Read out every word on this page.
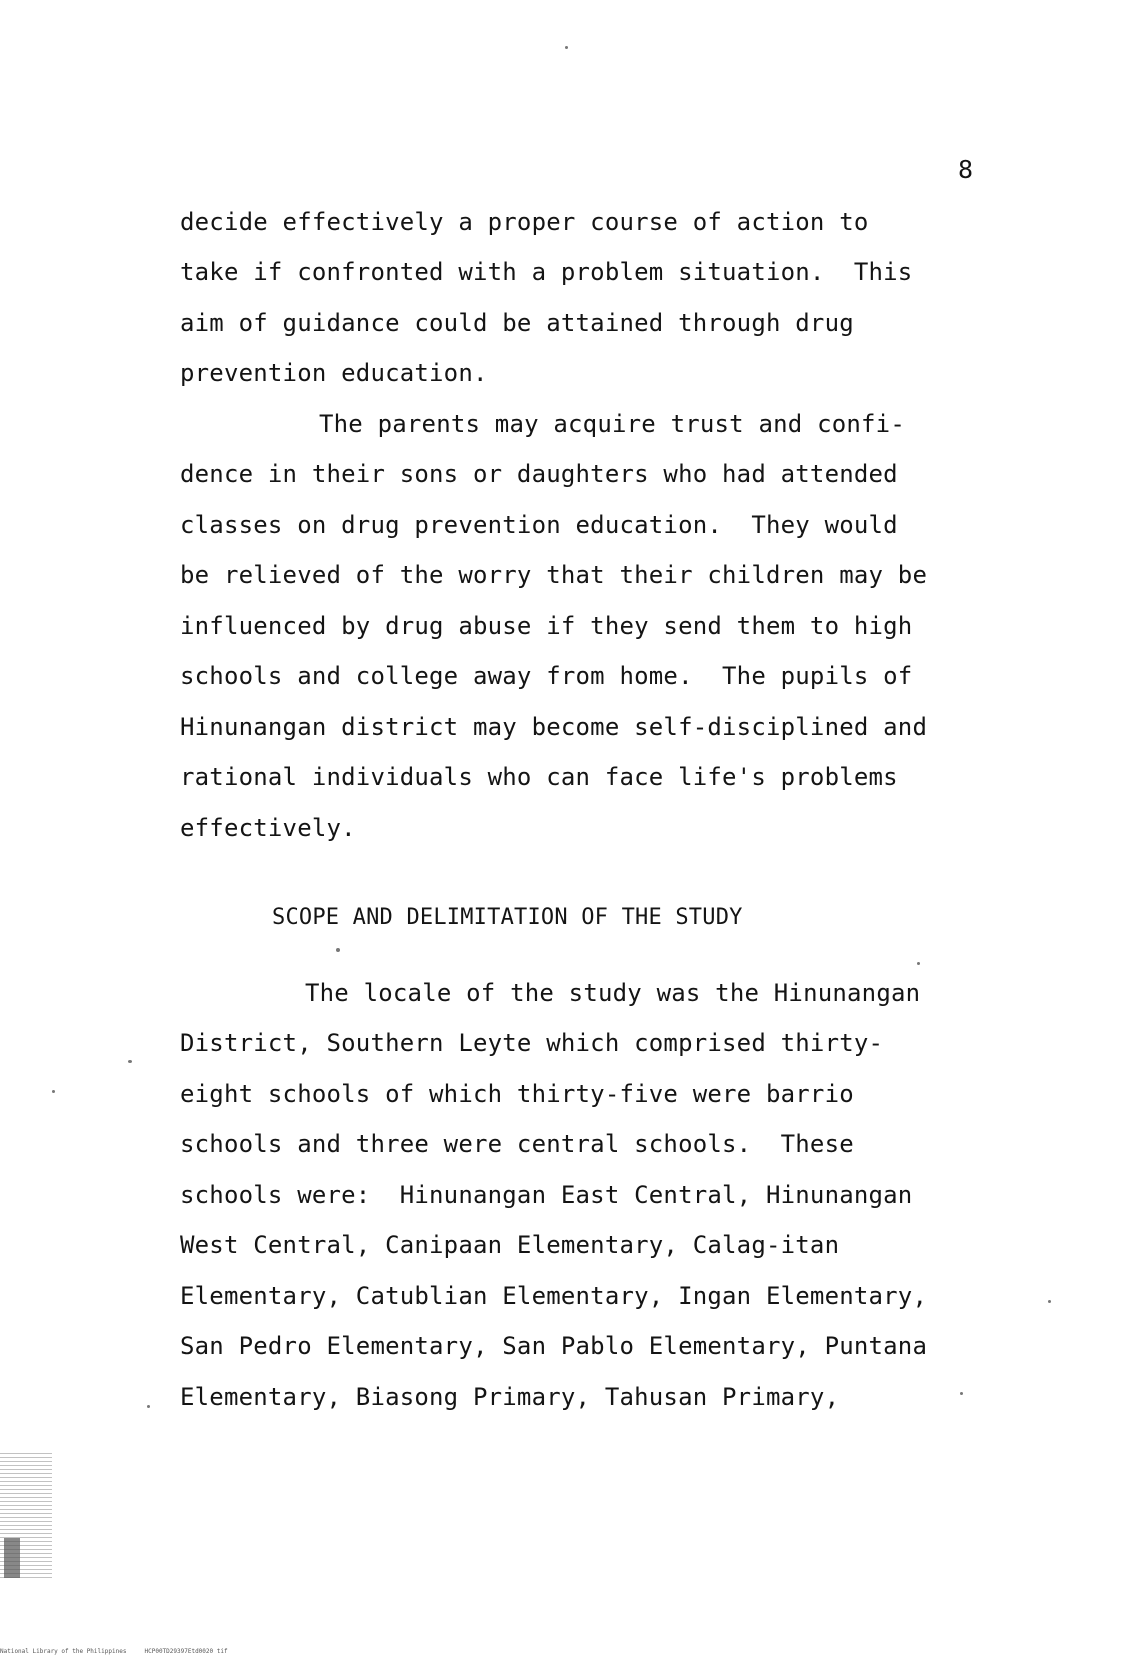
8
decide effectively a proper course of action to
take if confronted with a problem situation.  This
aim of guidance could be attained through drug
prevention education.
The parents may acquire trust and confi-
dence in their sons or daughters who had attended
classes on drug prevention education.  They would
be relieved of the worry that their children may be
influenced by drug abuse if they send them to high
schools and college away from home.  The pupils of
Hinunangan district may become self-disciplined and
rational individuals who can face life's problems
effectively.
SCOPE AND DELIMITATION OF THE STUDY
The locale of the study was the Hinunangan
District, Southern Leyte which comprised thirty-
eight schools of which thirty-five were barrio
schools and three were central schools.  These
schools were:  Hinunangan East Central, Hinunangan
West Central, Canipaan Elementary, Calag-itan
Elementary, Catublian Elementary, Ingan Elementary,
San Pedro Elementary, San Pablo Elementary, Puntana
Elementary, Biasong Primary, Tahusan Primary,
National Library of the Philippines	HCP00TD29397Etd0020 tif
